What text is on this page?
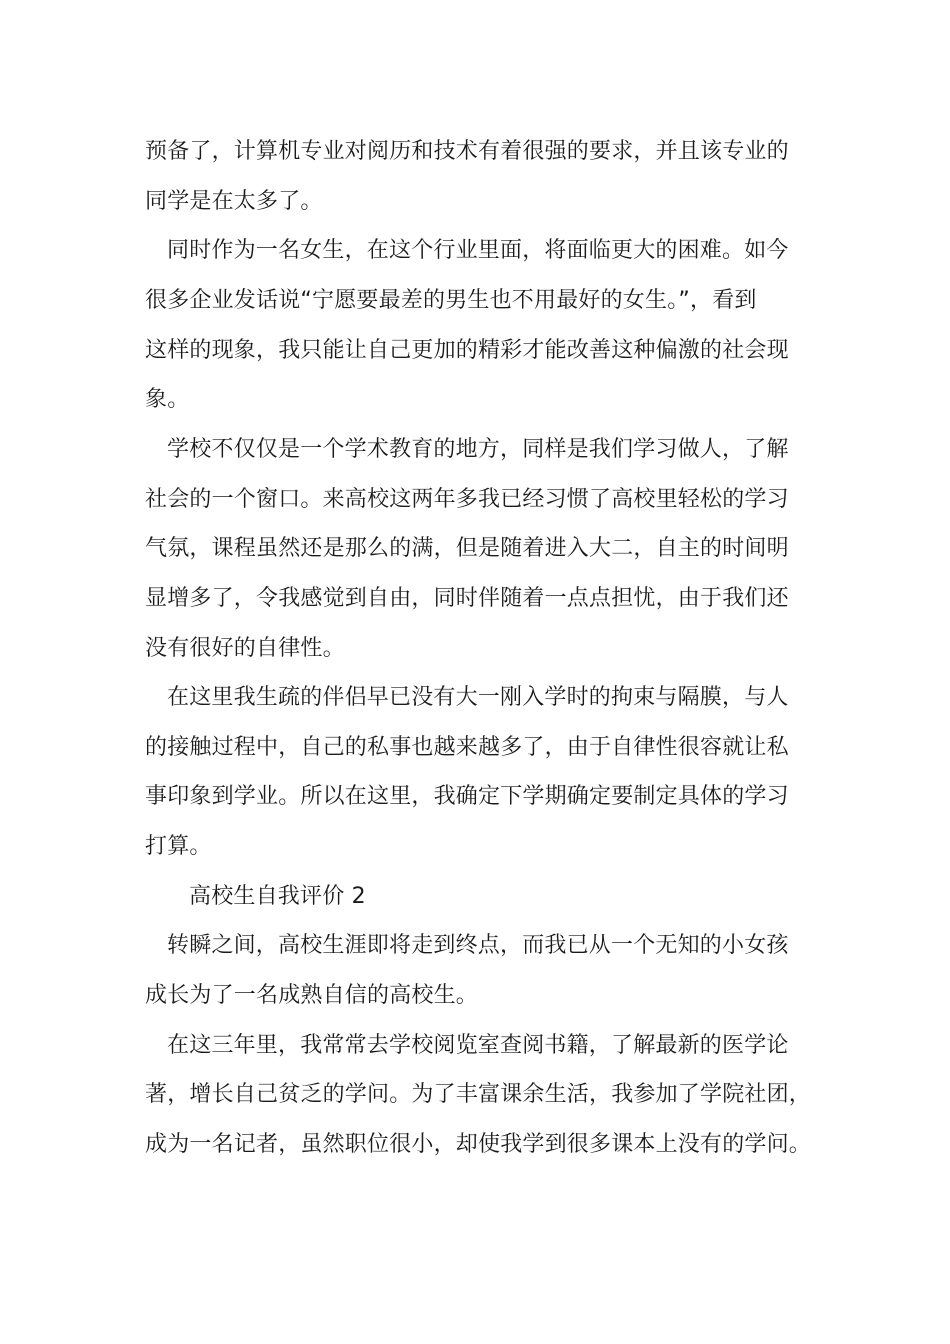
预备了，计算机专业对阅历和技术有着很强的要求，并且该专业的
同学是在太多了。
同时作为一名女生，在这个行业里面，将面临更大的困难。如今
很多企业发话说“宁愿要最差的男生也不用最好的女生。”，看到
这样的现象，我只能让自己更加的精彩才能改善这种偏激的社会现
象。
学校不仅仅是一个学术教育的地方，同样是我们学习做人，了解
社会的一个窗口。来高校这两年多我已经习惯了高校里轻松的学习
气氛，课程虽然还是那么的满，但是随着进入大二，自主的时间明
显增多了，令我感觉到自由，同时伴随着一点点担忧，由于我们还
没有很好的自律性。
在这里我生疏的伴侣早已没有大一刚入学时的拘束与隔膜，与人
的接触过程中，自己的私事也越来越多了，由于自律性很容就让私
事印象到学业。所以在这里，我确定下学期确定要制定具体的学习
打算。
高校生自我评价 2
转瞬之间，高校生涯即将走到终点，而我已从一个无知的小女孩
成长为了一名成熟自信的高校生。
在这三年里，我常常去学校阅览室查阅书籍，了解最新的医学论
著，增长自己贫乏的学问。为了丰富课余生活，我参加了学院社团，
成为一名记者，虽然职位很小，却使我学到很多课本上没有的学问。
